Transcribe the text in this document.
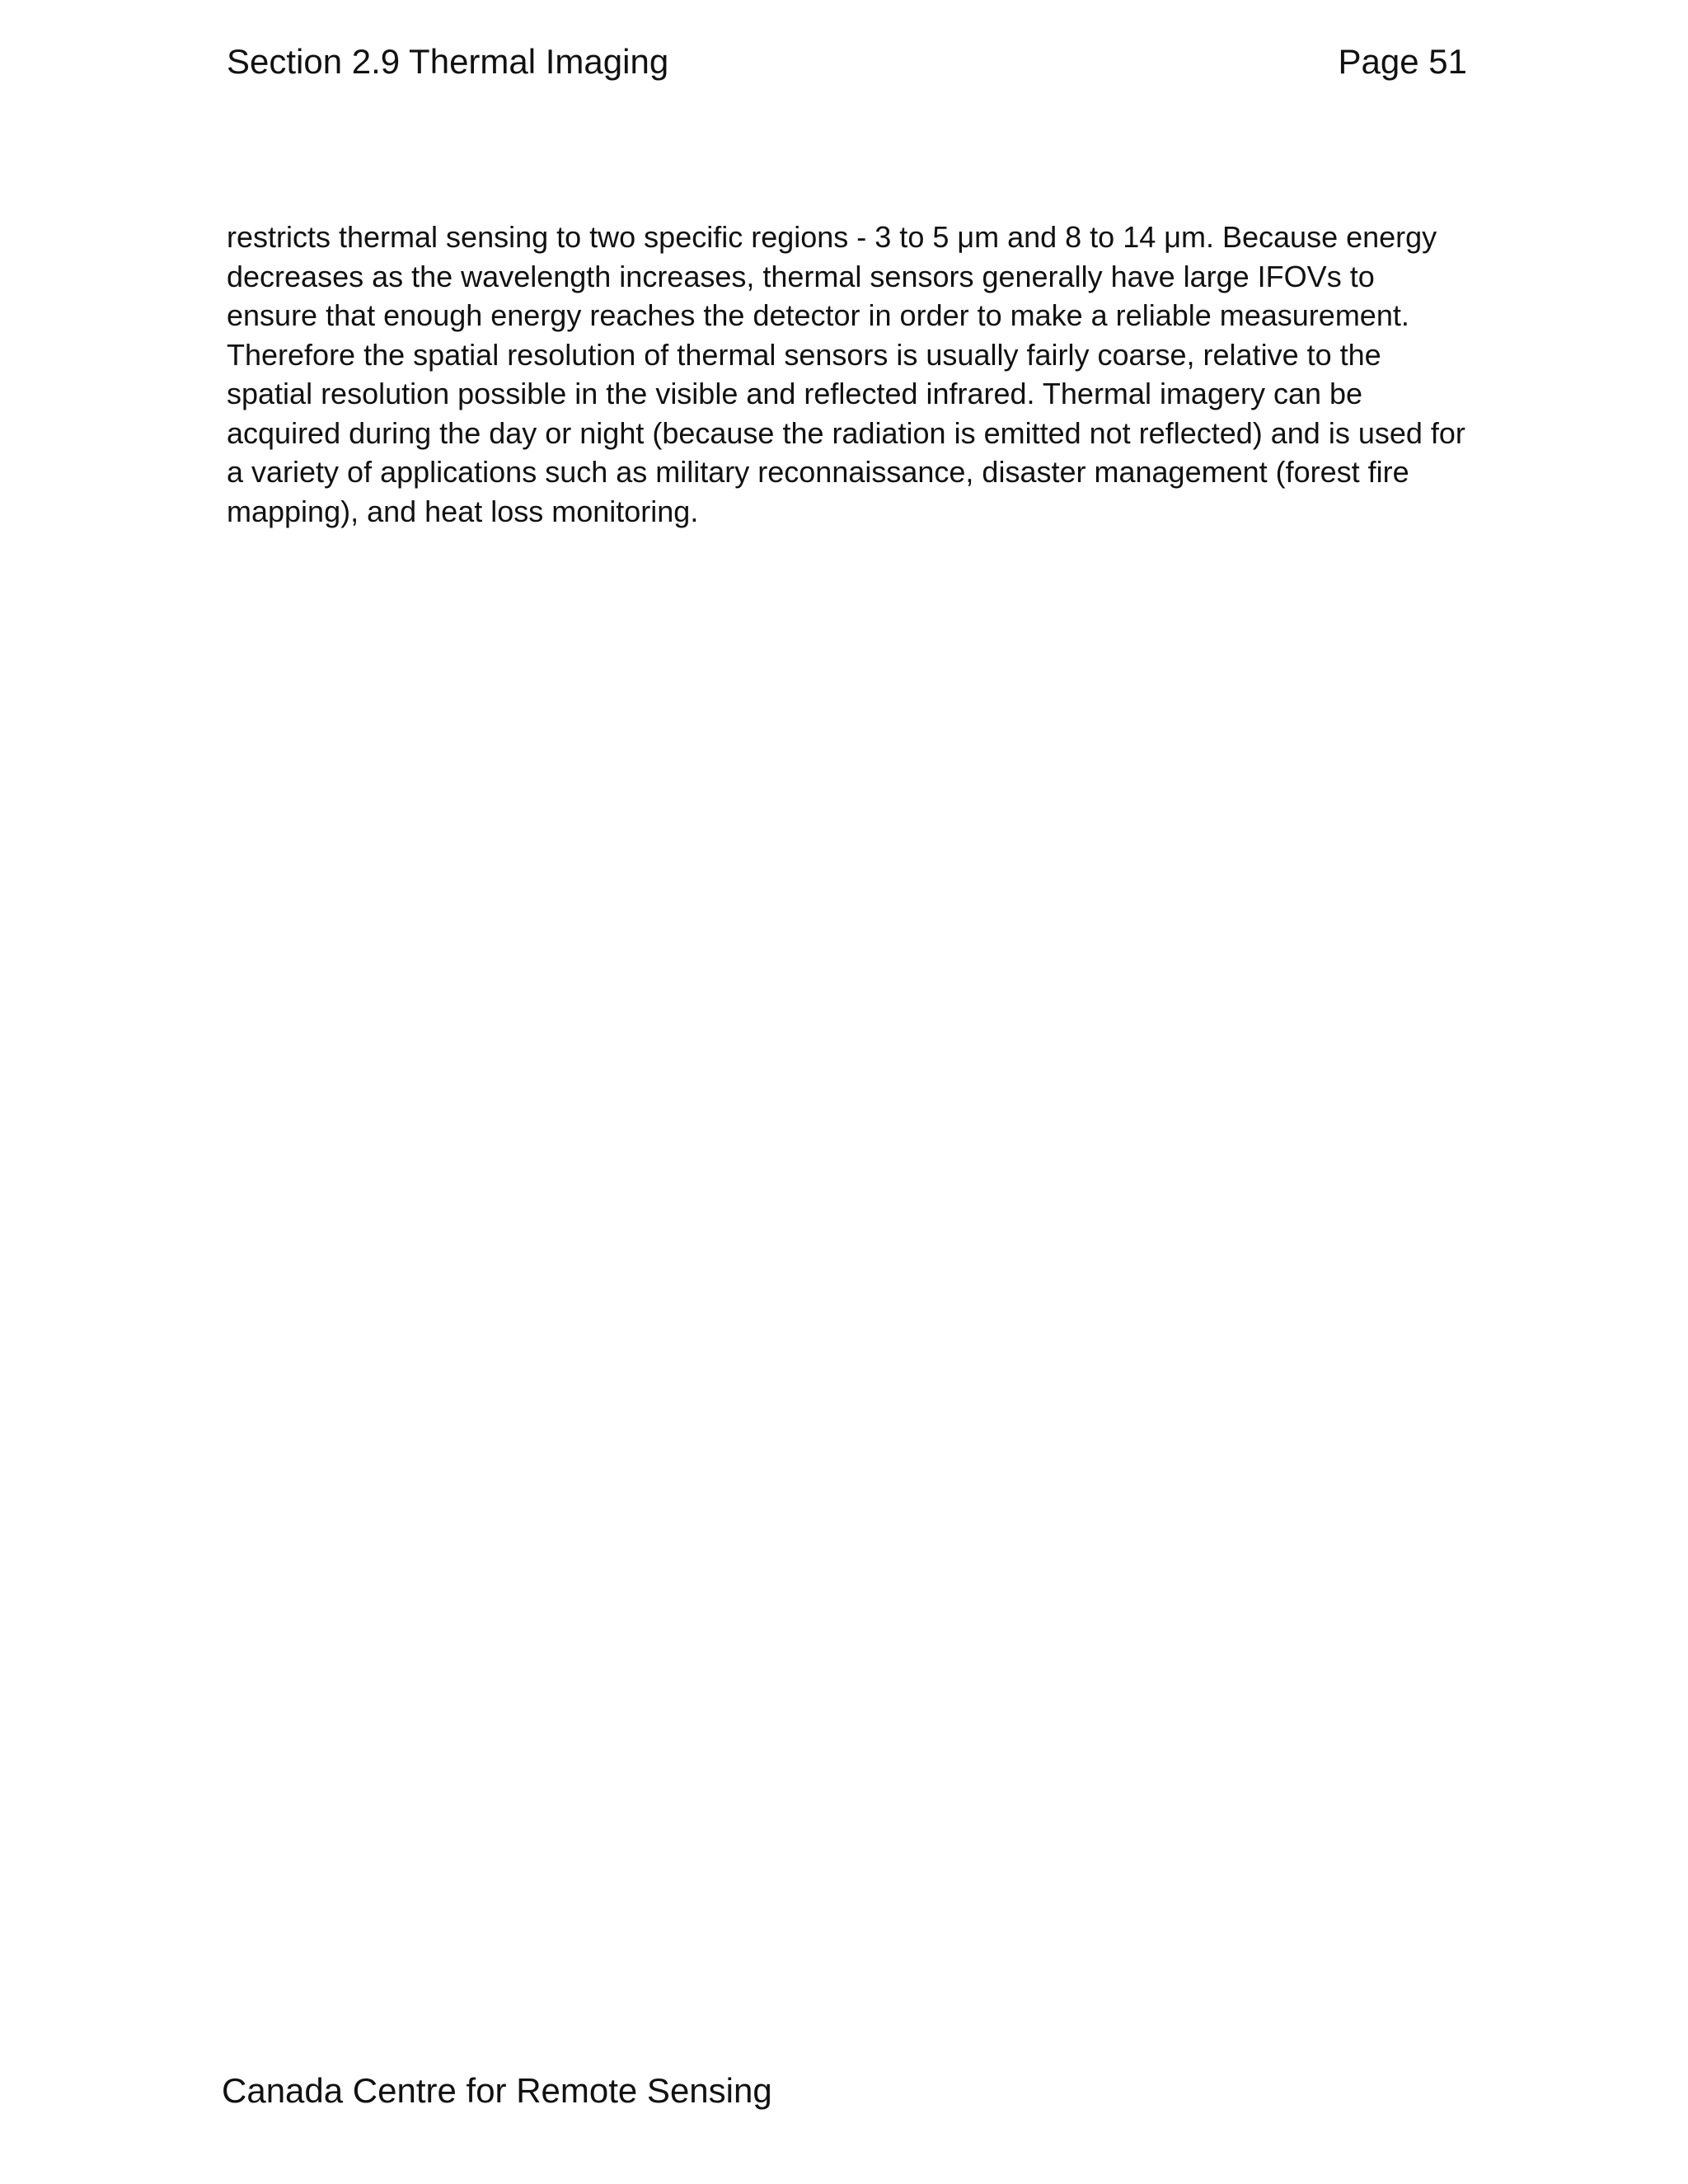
Section 2.9 Thermal Imaging	Page 51

restricts thermal sensing to two specific regions - 3 to 5 μm and 8 to 14 μm. Because energy decreases as the wavelength increases, thermal sensors generally have large IFOVs to ensure that enough energy reaches the detector in order to make a reliable measurement. Therefore the spatial resolution of thermal sensors is usually fairly coarse, relative to the spatial resolution possible in the visible and reflected infrared. Thermal imagery can be acquired during the day or night (because the radiation is emitted not reflected) and is used for a variety of applications such as military reconnaissance, disaster management (forest fire mapping), and heat loss monitoring.

Canada Centre for Remote Sensing
